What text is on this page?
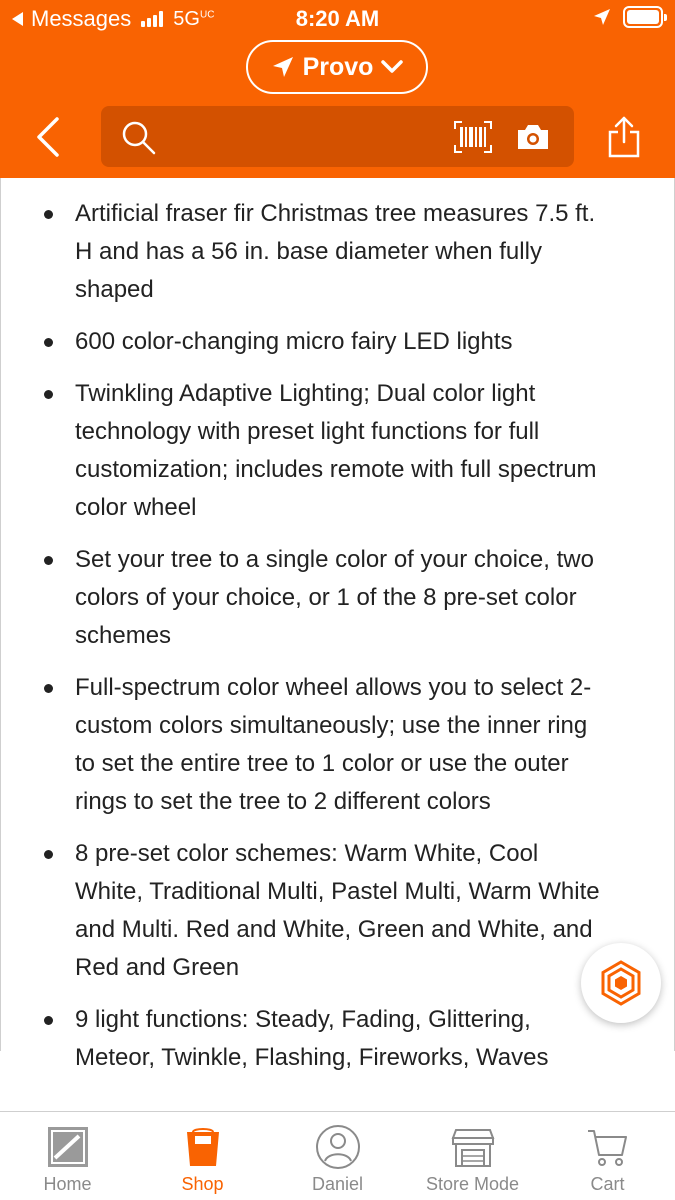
Messages $5G^{UC}$	8:20 AM
Provo
Artificial fraser fir Christmas tree measures 7.5 ft. H and has a 56 in. base diameter when fully shaped
600 color-changing micro fairy LED lights
Twinkling Adaptive Lighting; Dual color light technology with preset light functions for full customization; includes remote with full spectrum color wheel
Set your tree to a single color of your choice, two colors of your choice, or 1 of the 8 pre-set color schemes
Full-spectrum color wheel allows you to select 2-custom colors simultaneously; use the inner ring to set the entire tree to 1 color or use the outer rings to set the tree to 2 different colors
8 pre-set color schemes: Warm White, Cool White, Traditional Multi, Pastel Multi, Warm White and Multi. Red and White, Green and White, and Red and Green
9 light functions: Steady, Fading, Glittering, Meteor, Twinkle, Flashing, Fireworks, Waves
Home	Shop	Daniel	Store Mode	Cart
